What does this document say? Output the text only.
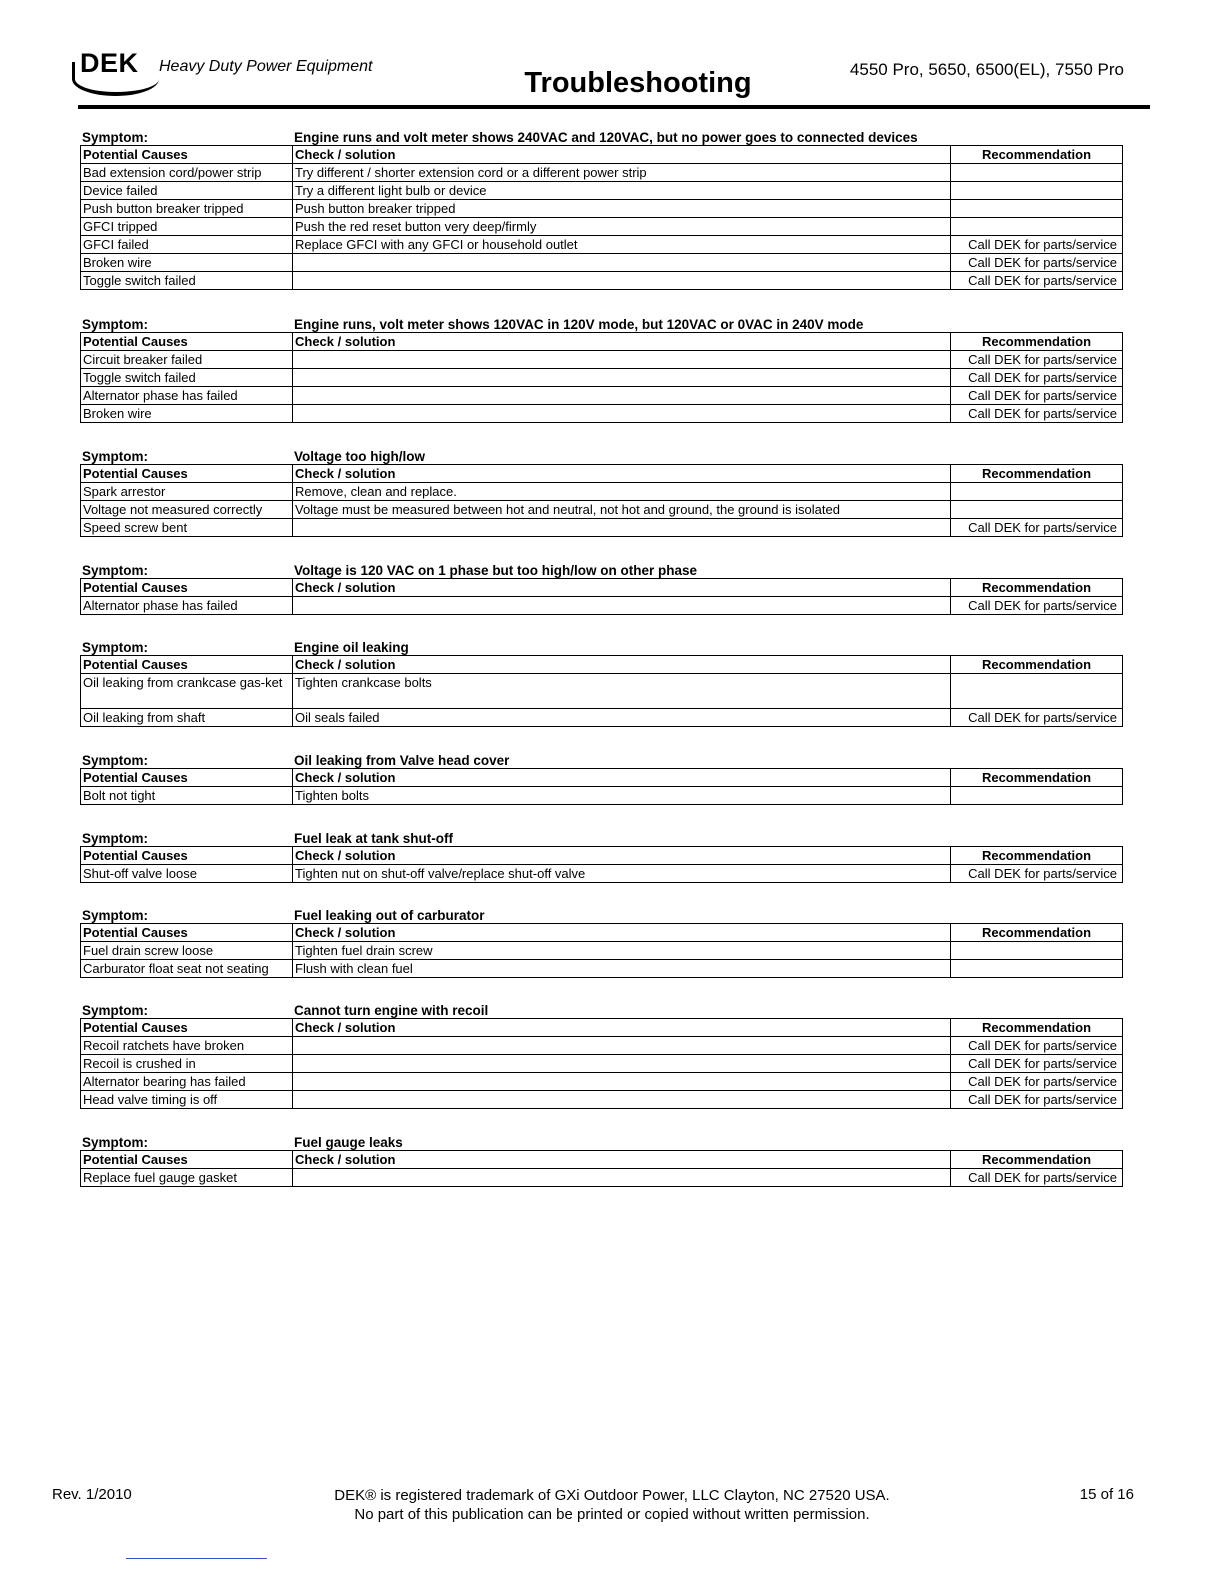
DEK Heavy Duty Power Equipment
Troubleshooting	4550 Pro, 5650, 6500(EL), 7550 Pro
Symptom:	Engine runs and volt meter shows 240VAC and 120VAC, but no power goes to connected devices
Potential Causes	Check / solution	Recommendation
Bad extension cord/power strip	Try different / shorter extension cord or a different power strip	
Device failed	Try a different light bulb or device	
Push button breaker tripped	Push button breaker tripped	
GFCI tripped	Push the red reset button very deep/firmly	
GFCI failed	Replace GFCI with any GFCI or household outlet	Call DEK for parts/service
Broken wire		Call DEK for parts/service
Toggle switch failed		Call DEK for parts/service
Symptom:	Engine runs, volt meter shows 120VAC in 120V mode, but 120VAC or 0VAC in 240V mode
Potential Causes	Check / solution	Recommendation
Circuit breaker failed		Call DEK for parts/service
Toggle switch failed		Call DEK for parts/service
Alternator phase has failed		Call DEK for parts/service
Broken wire		Call DEK for parts/service
Symptom:	Voltage too high/low
Potential Causes	Check / solution	Recommendation
Spark arrestor	Remove, clean and replace.	
Voltage not measured correctly	Voltage must be measured between hot and neutral, not hot and ground, the ground is isolated	
Speed screw bent		Call DEK for parts/service
Symptom:	Voltage is 120 VAC on 1 phase but too high/low on other phase
Potential Causes	Check / solution	Recommendation
Alternator phase has failed		Call DEK for parts/service
Symptom:	Engine oil leaking
Potential Causes	Check / solution	Recommendation
Oil leaking from crankcase gas-ket	Tighten crankcase bolts	
Oil leaking from shaft	Oil seals failed	Call DEK for parts/service
Symptom:	Oil leaking from Valve head cover
Potential Causes	Check / solution	Recommendation
Bolt not tight	Tighten bolts	
Symptom:	Fuel leak at tank shut-off
Potential Causes	Check / solution	Recommendation
Shut-off valve loose	Tighten nut on shut-off valve/replace shut-off valve	Call DEK for parts/service
Symptom:	Fuel leaking out of carburator
Potential Causes	Check / solution	Recommendation
Fuel drain screw loose	Tighten fuel drain screw	
Carburator float seat not seating	Flush with clean fuel	
Symptom:	Cannot turn engine with recoil
Potential Causes	Check / solution	Recommendation
Recoil ratchets have broken		Call DEK for parts/service
Recoil is crushed in		Call DEK for parts/service
Alternator bearing has failed		Call DEK for parts/service
Head valve timing is off		Call DEK for parts/service
Symptom:	Fuel gauge leaks
Potential Causes	Check / solution	Recommendation
Replace fuel gauge gasket		Call DEK for parts/service
Rev. 1/2010	DEK® is registered trademark of GXi Outdoor Power, LLC Clayton, NC 27520 USA.
No part of this publication can be printed or copied without written permission.
15 of 16
